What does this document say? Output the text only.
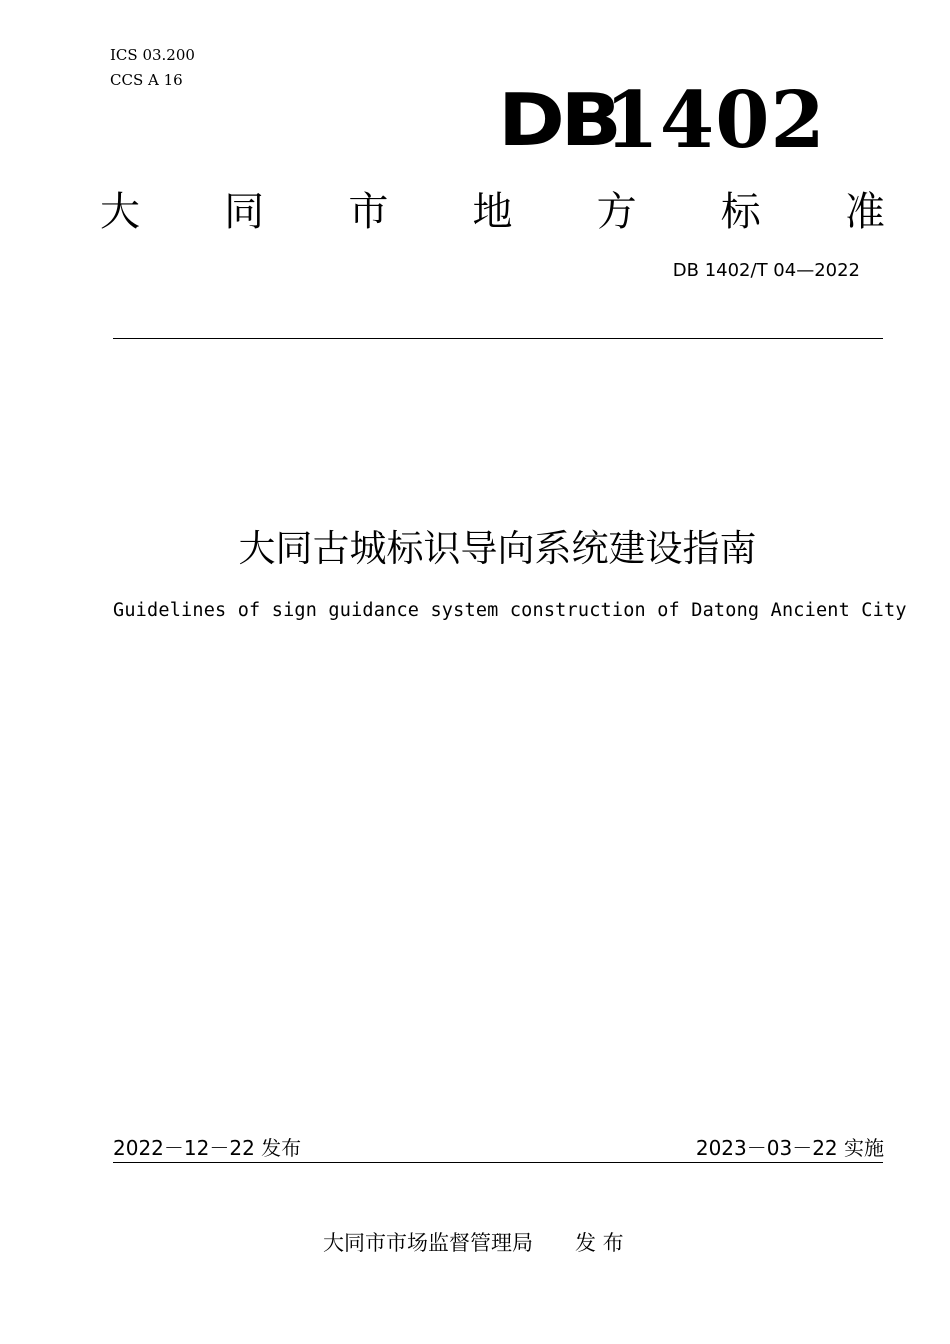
ICS 03.200
CCS A 16	DB
1402
大 同 市 地 方 标 准
DB 1402/T 04—2022
大同古城标识导向系统建设指南
Guidelines of sign guidance system construction of Datong Ancient City
2022－12－22 发布	2023－03－22 实施
大同市市场监督管理局 发 布
